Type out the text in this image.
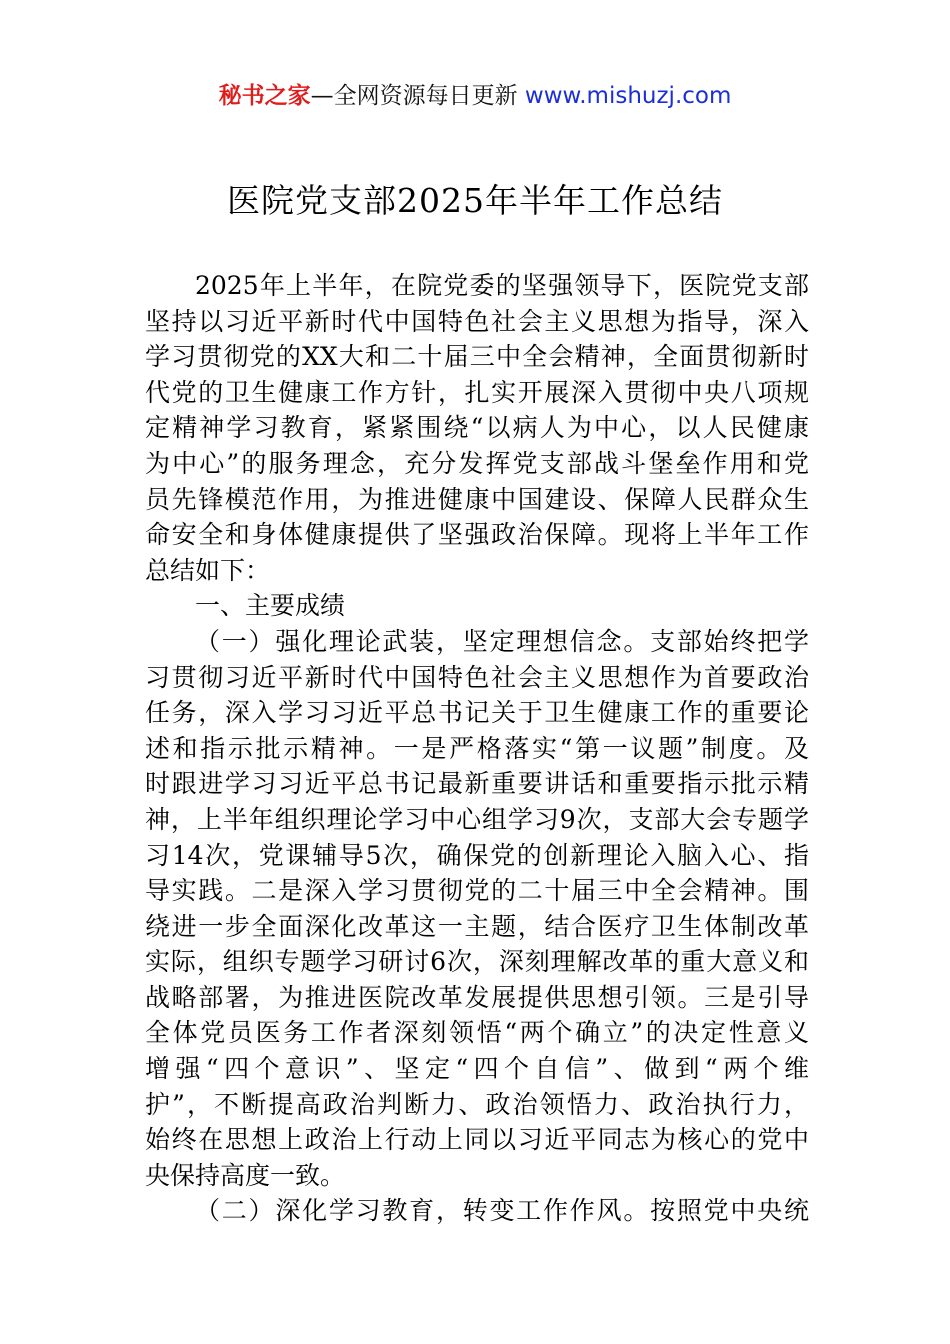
秘书之家—全网资源每日更新 www.mishuzj.com
医院党支部2025年半年工作总结
2025年上半年，在院党委的坚强领导下，医院党支部
坚持以习近平新时代中国特色社会主义思想为指导，深入
学习贯彻党的XX大和二十届三中全会精神，全面贯彻新时
代党的卫生健康工作方针，扎实开展深入贯彻中央八项规
定精神学习教育，紧紧围绕“以病人为中心，以人民健康
为中心”的服务理念，充分发挥党支部战斗堡垒作用和党
员先锋模范作用，为推进健康中国建设、保障人民群众生
命安全和身体健康提供了坚强政治保障。现将上半年工作
总结如下：
一、主要成绩
（一）强化理论武装，坚定理想信念。支部始终把学
习贯彻习近平新时代中国特色社会主义思想作为首要政治
任务，深入学习习近平总书记关于卫生健康工作的重要论
述和指示批示精神。一是严格落实“第一议题”制度。及
时跟进学习习近平总书记最新重要讲话和重要指示批示精
神，上半年组织理论学习中心组学习9次，支部大会专题学
习14次，党课辅导5次，确保党的创新理论入脑入心、指
导实践。二是深入学习贯彻党的二十届三中全会精神。围
绕进一步全面深化改革这一主题，结合医疗卫生体制改革
实际，组织专题学习研讨6次，深刻理解改革的重大意义和
战略部署，为推进医院改革发展提供思想引领。三是引导
全体党员医务工作者深刻领悟“两个确立”的决定性意义
增强“四个意识”、坚定“四个自信”、做到“两个维
护”，不断提高政治判断力、政治领悟力、政治执行力，
始终在思想上政治上行动上同以习近平同志为核心的党中
央保持高度一致。
（二）深化学习教育，转变工作作风。按照党中央统
